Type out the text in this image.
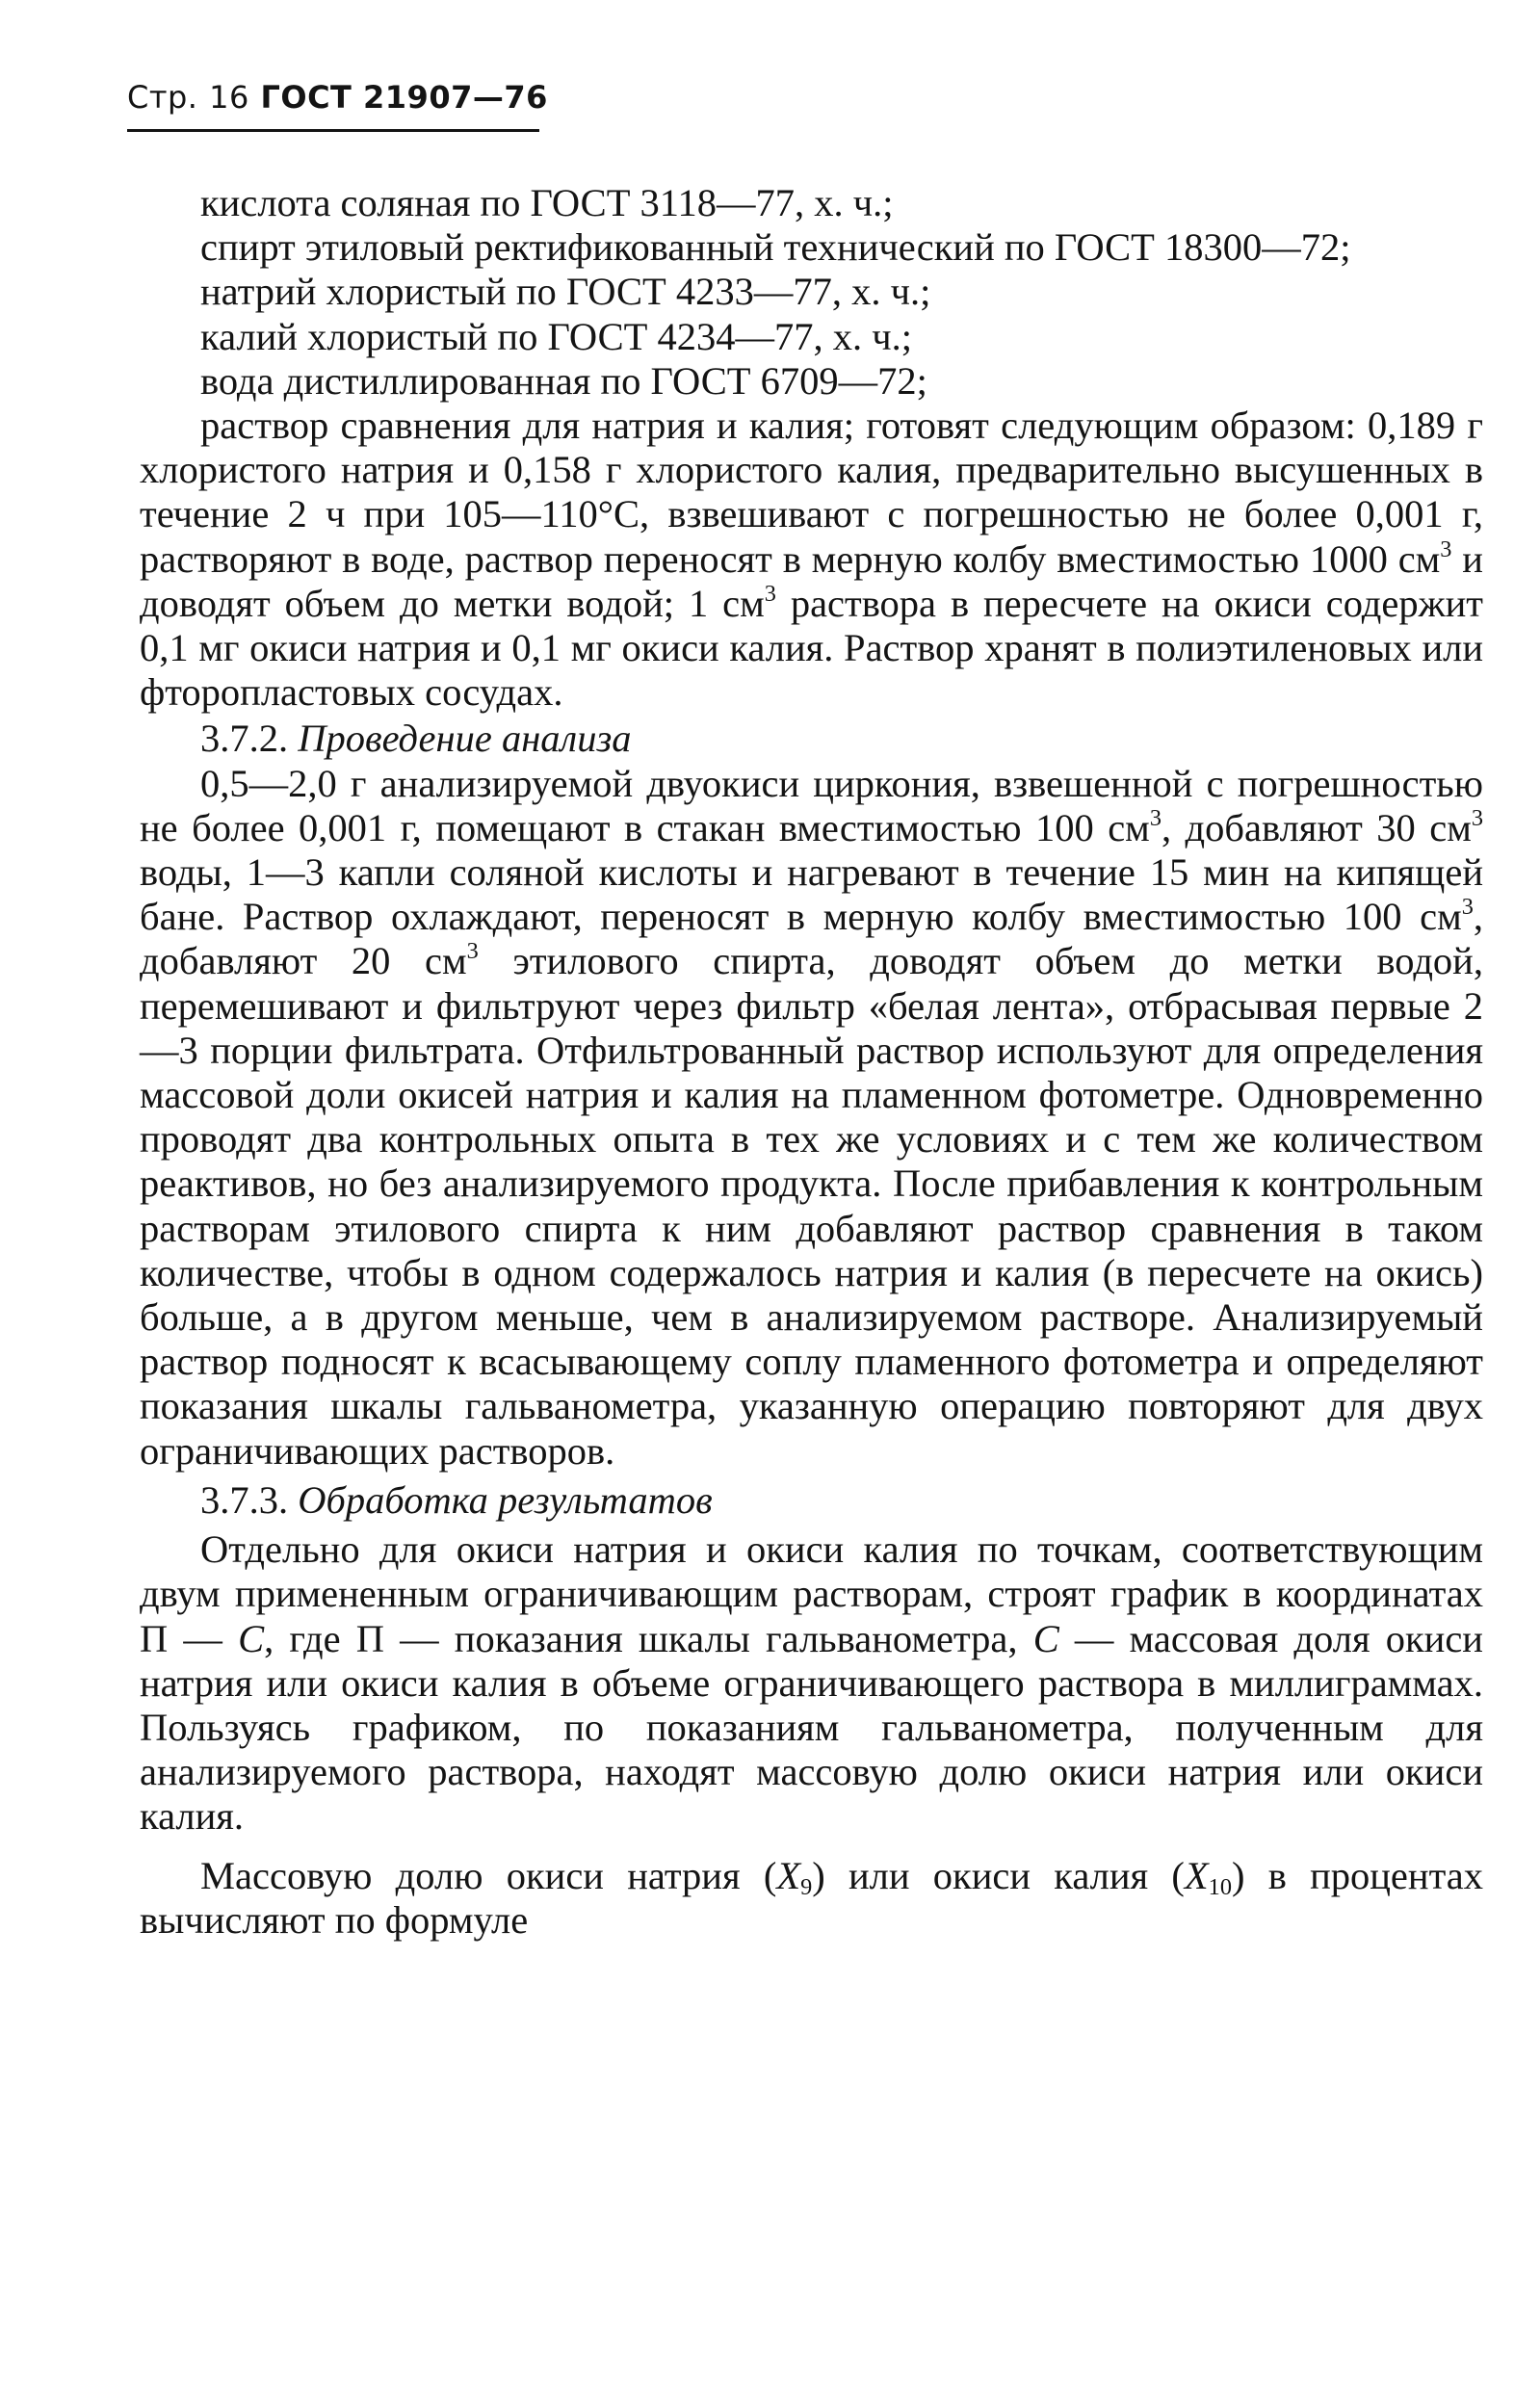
Стр. 16 ГОСТ 21907—76

кислота соляная по ГОСТ 3118—77, х. ч.;

спирт этиловый ректификованный технический по ГОСТ 18300—72;

натрий хлористый по ГОСТ 4233—77, х. ч.;

калий хлористый по ГОСТ 4234—77, х. ч.;

вода дистиллированная по ГОСТ 6709—72;

раствор сравнения для натрия и калия; готовят следующим образом: 0,189 г хлористого натрия и 0,158 г хлористого калия, предварительно высушенных в течение 2 ч при 105—110°С, взвешивают с погрешностью не более 0,001 г, растворяют в воде, раствор переносят в мерную колбу вместимостью 1000 $см^3$ и доводят объем до метки водой; 1 $см^3$ раствора в пересчете на окиси содержит 0,1 мг окиси натрия и 0,1 мг окиси калия. Раствор хранят в полиэтиленовых или фторопластовых сосудах.

3.7.2. Проведение анализа

0,5—2,0 г анализируемой двуокиси циркония, взвешенной с погрешностью не более 0,001 г, помещают в стакан вместимостью 100 $см^3$, добавляют 30 $см^3$ воды, 1—3 капли соляной кислоты и нагревают в течение 15 мин на кипящей бане. Раствор охлаждают, переносят в мерную колбу вместимостью 100 $см^3$, добавляют 20 $см^3$ этилового спирта, доводят объем до метки водой, перемешивают и фильтруют через фильтр «белая лента», отбрасывая первые 2—3 порции фильтрата. Отфильтрованный раствор используют для определения массовой доли окисей натрия и калия на пламенном фотометре. Одновременно проводят два контрольных опыта в тех же условиях и с тем же количеством реактивов, но без анализируемого продукта. После прибавления к контрольным растворам этилового спирта к ним добавляют раствор сравнения в таком количестве, чтобы в одном содержалось натрия и калия (в пересчете на окись) больше, а в другом меньше, чем в анализируемом растворе. Анализируемый раствор подносят к всасывающему соплу пламенного фотометра и определяют показания шкалы гальванометра, указанную операцию повторяют для двух ограничивающих растворов.

3.7.3. Обработка результатов

Отдельно для окиси натрия и окиси калия по точкам, соответствующим двум примененным ограничивающим растворам, строят график в координатах П — С, где П — показания шкалы гальванометра, С — массовая доля окиси натрия или окиси калия в объеме ограничивающего раствора в миллиграммах. Пользуясь графиком, по показаниям гальванометра, полученным для анализируемого раствора, находят массовую долю окиси натрия или окиси калия.

Массовую долю окиси натрия $(X_9)$ или окиси калия $(X_{10})$ в процентах вычисляют по формуле
